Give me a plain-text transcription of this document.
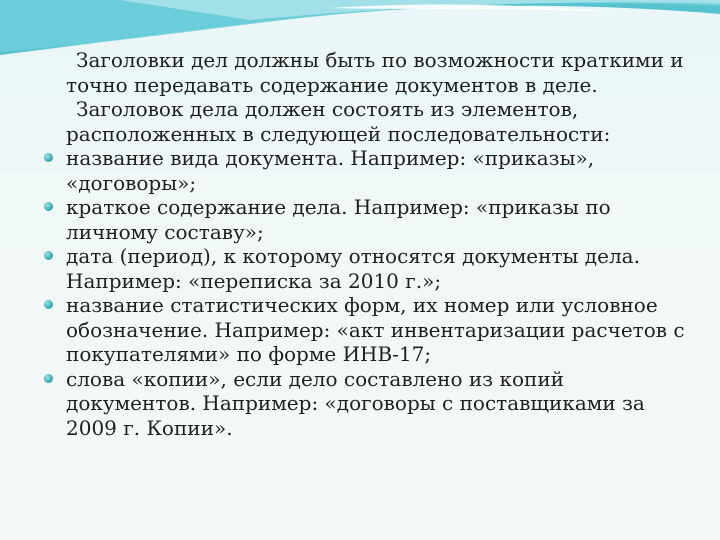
Заголовки дел должны быть по возможности краткими и точно передавать содержание документов в деле.

Заголовок дела должен состоять из элементов, расположенных в следующей последовательности:

название вида документа. Например: «приказы», «договоры»;
краткое содержание дела. Например: «приказы по личному составу»;
дата (период), к которому относятся документы дела. Например: «переписка за 2010 г.»;
название статистических форм, их номер или условное обозначение. Например: «акт инвентаризации расчетов с покупателями» по форме ИНВ-17;
слова «копии», если дело составлено из копий документов. Например: «договоры с поставщиками за 2009 г. Копии».
